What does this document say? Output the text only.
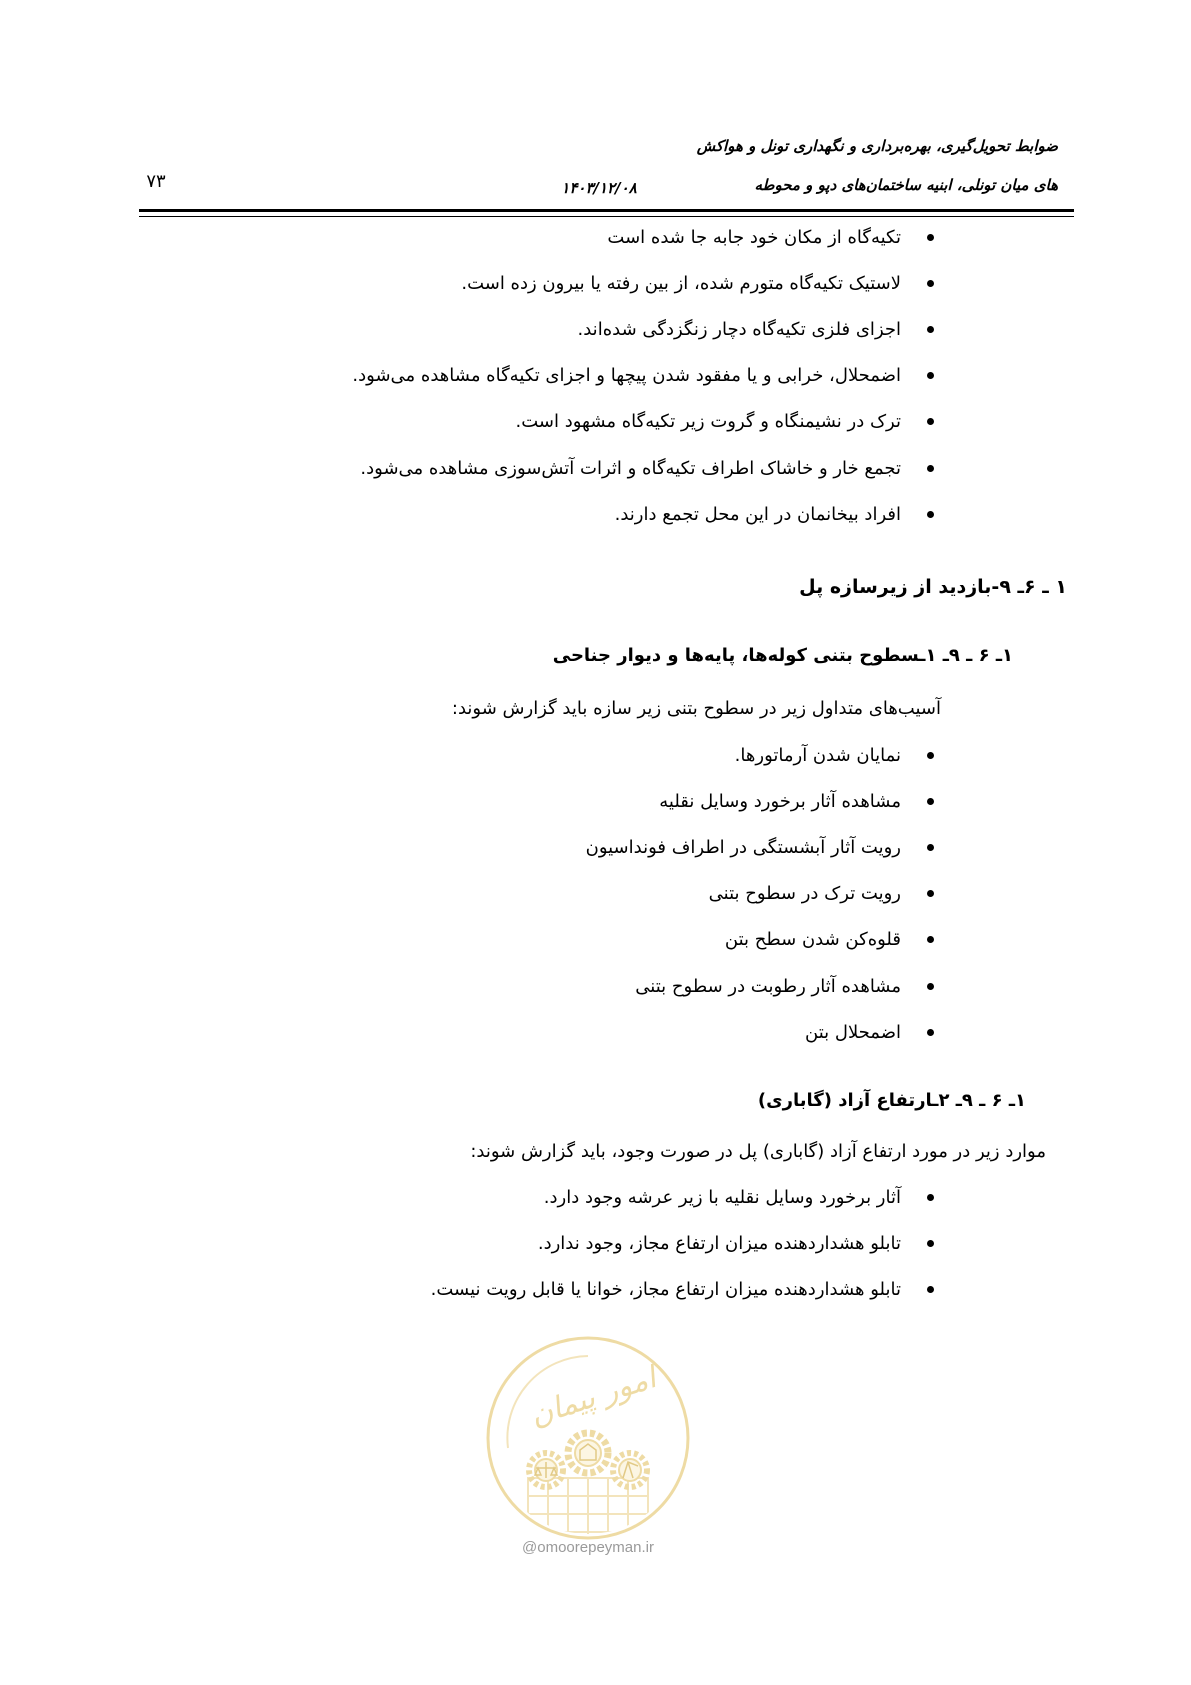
ضوابط تحویل‌گیری، بهره‌برداری و نگهداری تونل و هواکش
های میان تونلی، ابنیه ساختمان‌های دپو و محوطه
۱۴۰۳/۱۲/۰۸
۷۳
تکیه‌گاه از مکان خود جابه جا شده است
لاستیک تکیه‌گاه متورم شده، از بین رفته یا بیرون زده است.
اجزای فلزی تکیه‌گاه دچار زنگزدگی شده‌اند.
اضمحلال، خرابی و یا مفقود شدن پیچها و اجزای تکیه‌گاه مشاهده می‌شود.
ترک در نشیمنگاه و گروت زیر تکیه‌گاه مشهود است.
تجمع خار و خاشاک اطراف تکیه‌گاه و اثرات آتش‌سوزی مشاهده می‌شود.
افراد بیخانمان در این محل تجمع دارند.
۱ ـ ۶ـ ۹-بازدید از زیرسازه پل
۱ـ ۶ ـ ۹ـ ۱ـسطوح بتنی کوله‌ها، پایه‌ها و دیوار جناحی
آسیب‌های متداول زیر در سطوح بتنی زیر سازه باید گزارش شوند:
نمایان شدن آرماتورها.
مشاهده آثار برخورد وسایل نقلیه
رویت آثار آبشستگی در اطراف فونداسیون
رویت ترک در سطوح بتنی
قلوه‌کن شدن سطح بتن
مشاهده آثار رطوبت در سطوح بتنی
اضمحلال بتن
۱ـ ۶ ـ ۹ـ ۲ـارتفاع آزاد (گاباری)
موارد زیر در مورد ارتفاع آزاد (گاباری) پل در صورت وجود، باید گزارش شوند:
آثار برخورد وسایل نقلیه با زیر عرشه وجود دارد.
تابلو هشداردهنده میزان ارتفاع مجاز، وجود ندارد.
تابلو هشداردهنده میزان ارتفاع مجاز، خوانا یا قابل رویت نیست.
امور پیمان
@omoorepeyman.ir
